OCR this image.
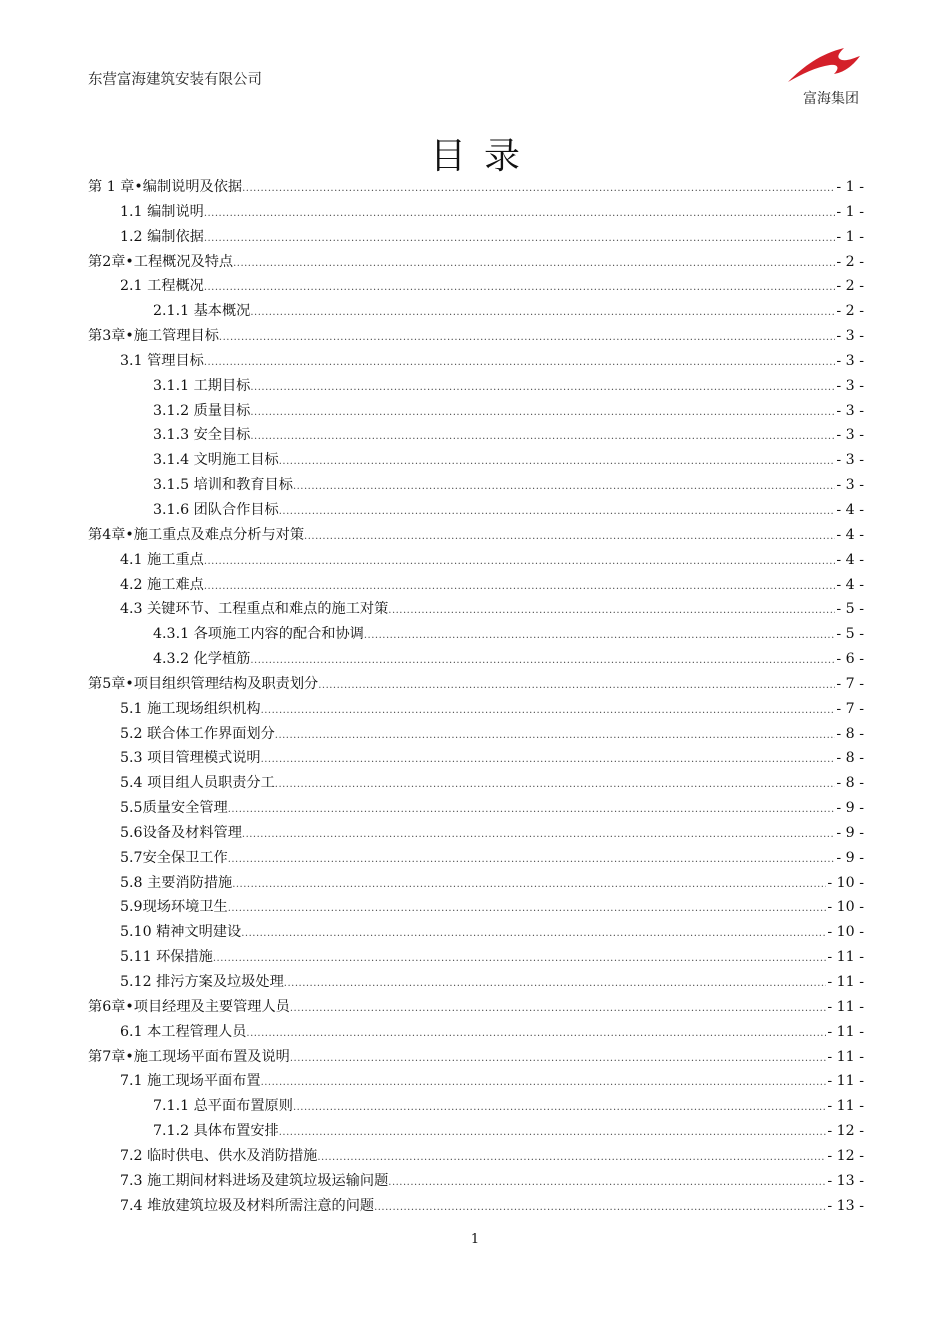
东营富海建筑安装有限公司
富海集团
目录
第 1 章•编制说明及依据 .....	- 1 -
1.1 编制说明 .....	- 1 -
1.2 编制依据 .....	- 1 -
第2章•工程概况及特点 .....	- 2 -
2.1 工程概况 .....	- 2 -
2.1.1 基本概况 .....	- 2 -
第3章•施工管理目标 .....	- 3 -
3.1 管理目标 .....	- 3 -
3.1.1 工期目标 .....	- 3 -
3.1.2 质量目标 .....	- 3 -
3.1.3 安全目标 .....	- 3 -
3.1.4 文明施工目标 .....	- 3 -
3.1.5 培训和教育目标 .....	- 3 -
3.1.6 团队合作目标 .....	- 4 -
第4章•施工重点及难点分析与对策 .....	- 4 -
4.1 施工重点 .....	- 4 -
4.2 施工难点 .....	- 4 -
4.3 关键环节、工程重点和难点的施工对策 .....	- 5 -
4.3.1 各项施工内容的配合和协调 .....	- 5 -
4.3.2 化学植筋 .....	- 6 -
第5章•项目组织管理结构及职责划分 .....	- 7 -
5.1 施工现场组织机构 .....	- 7 -
5.2 联合体工作界面划分 .....	- 8 -
5.3 项目管理模式说明 .....	- 8 -
5.4 项目组人员职责分工 .....	- 8 -
5.5质量安全管理 .....	- 9 -
5.6设备及材料管理 .....	- 9 -
5.7安全保卫工作 .....	- 9 -
5.8 主要消防措施 .....	- 10 -
5.9现场环境卫生 .....	- 10 -
5.10 精神文明建设 .....	- 10 -
5.11 环保措施 .....	- 11 -
5.12 排污方案及垃圾处理 .....	- 11 -
第6章•项目经理及主要管理人员 .....	- 11 -
6.1 本工程管理人员 .....	- 11 -
第7章•施工现场平面布置及说明 .....	- 11 -
7.1 施工现场平面布置 .....	- 11 -
7.1.1 总平面布置原则 .....	- 11 -
7.1.2 具体布置安排 .....	- 12 -
7.2 临时供电、供水及消防措施 .....	- 12 -
7.3 施工期间材料进场及建筑垃圾运输问题 .....	- 13 -
7.4 堆放建筑垃圾及材料所需注意的问题 .....	- 13 -
1
